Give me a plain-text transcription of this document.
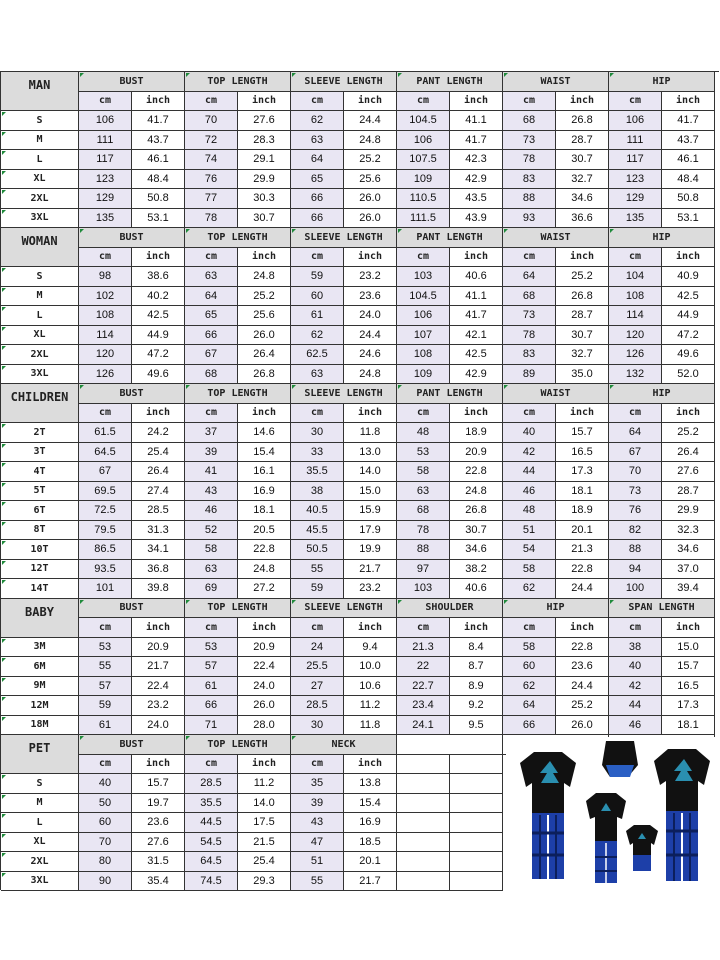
MAN	BUST	TOP LENGTH	SLEEVE LENGTH	PANT LENGTH	WAIST	HIP
cm	inch	cm	inch	cm	inch	cm	inch	cm	inch	cm	inch
S	106	41.7	70	27.6	62	24.4	104.5	41.1	68	26.8	106	41.7
M	111	43.7	72	28.3	63	24.8	106	41.7	73	28.7	111	43.7
L	117	46.1	74	29.1	64	25.2	107.5	42.3	78	30.7	117	46.1
XL	123	48.4	76	29.9	65	25.6	109	42.9	83	32.7	123	48.4
2XL	129	50.8	77	30.3	66	26.0	110.5	43.5	88	34.6	129	50.8
3XL	135	53.1	78	30.7	66	26.0	111.5	43.9	93	36.6	135	53.1
WOMAN	BUST	TOP LENGTH	SLEEVE LENGTH	PANT LENGTH	WAIST	HIP
cm	inch	cm	inch	cm	inch	cm	inch	cm	inch	cm	inch
S	98	38.6	63	24.8	59	23.2	103	40.6	64	25.2	104	40.9
M	102	40.2	64	25.2	60	23.6	104.5	41.1	68	26.8	108	42.5
L	108	42.5	65	25.6	61	24.0	106	41.7	73	28.7	114	44.9
XL	114	44.9	66	26.0	62	24.4	107	42.1	78	30.7	120	47.2
2XL	120	47.2	67	26.4	62.5	24.6	108	42.5	83	32.7	126	49.6
3XL	126	49.6	68	26.8	63	24.8	109	42.9	89	35.0	132	52.0
CHILDREN	BUST	TOP LENGTH	SLEEVE LENGTH	PANT LENGTH	WAIST	HIP
cm	inch	cm	inch	cm	inch	cm	inch	cm	inch	cm	inch
2T	61.5	24.2	37	14.6	30	11.8	48	18.9	40	15.7	64	25.2
3T	64.5	25.4	39	15.4	33	13.0	53	20.9	42	16.5	67	26.4
4T	67	26.4	41	16.1	35.5	14.0	58	22.8	44	17.3	70	27.6
5T	69.5	27.4	43	16.9	38	15.0	63	24.8	46	18.1	73	28.7
6T	72.5	28.5	46	18.1	40.5	15.9	68	26.8	48	18.9	76	29.9
8T	79.5	31.3	52	20.5	45.5	17.9	78	30.7	51	20.1	82	32.3
10T	86.5	34.1	58	22.8	50.5	19.9	88	34.6	54	21.3	88	34.6
12T	93.5	36.8	63	24.8	55	21.7	97	38.2	58	22.8	94	37.0
14T	101	39.8	69	27.2	59	23.2	103	40.6	62	24.4	100	39.4
BABY	BUST	TOP LENGTH	SLEEVE LENGTH	SHOULDER	HIP	SPAN LENGTH
cm	inch	cm	inch	cm	inch	cm	inch	cm	inch	cm	inch
3M	53	20.9	53	20.9	24	9.4	21.3	8.4	58	22.8	38	15.0
6M	55	21.7	57	22.4	25.5	10.0	22	8.7	60	23.6	40	15.7
9M	57	22.4	61	24.0	27	10.6	22.7	8.9	62	24.4	42	16.5
12M	59	23.2	66	26.0	28.5	11.2	23.4	9.2	64	25.2	44	17.3
18M	61	24.0	71	28.0	30	11.8	24.1	9.5	66	26.0	46	18.1
PET	BUST	TOP LENGTH	NECK
cm	inch	cm	inch	cm	inch
S	40	15.7	28.5	11.2	35	13.8
M	50	19.7	35.5	14.0	39	15.4
L	60	23.6	44.5	17.5	43	16.9
XL	70	27.6	54.5	21.5	47	18.5
2XL	80	31.5	64.5	25.4	51	20.1
3XL	90	35.4	74.5	29.3	55	21.7
